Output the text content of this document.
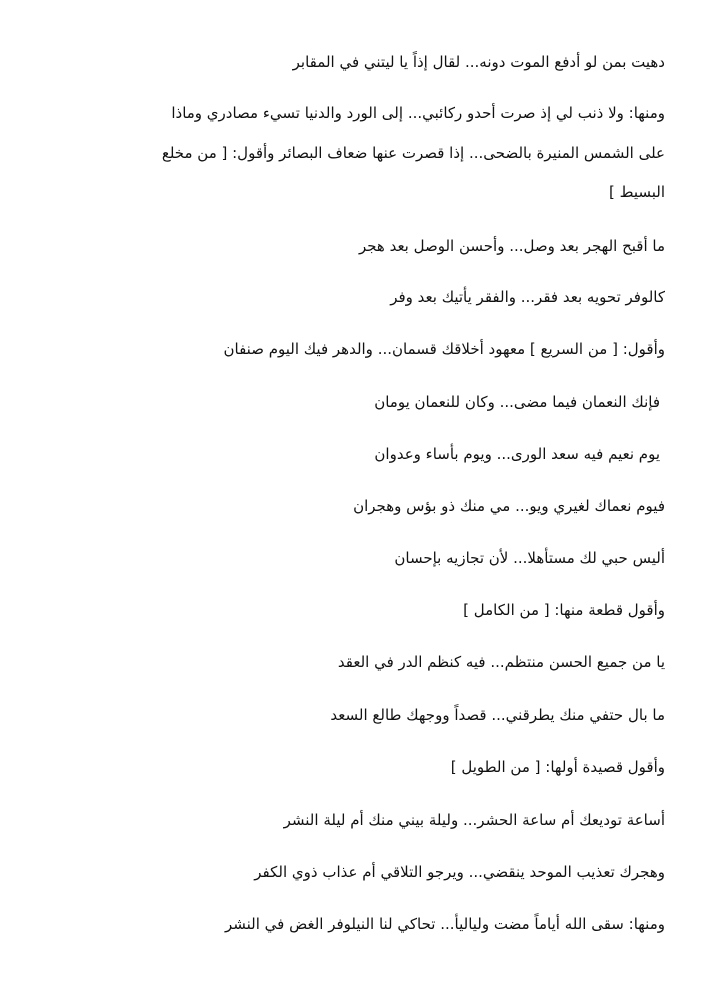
دهيت بمن لو أدفع الموت دونه... لقال إذاً يا ليتني في المقابر
ومنها: ولا ذنب لي إذ صرت أحدو ركائبي... إلى الورد والدنيا تسيء مصادري وماذا
على الشمس المنيرة بالضحى... إذا قصرت عنها ضعاف البصائر وأقول: [ من مخلع
البسيط ]
ما أقبح الهجر بعد وصل... وأحسن الوصل بعد هجر
كالوفر تحويه بعد فقر... والفقر يأتيك بعد وفر
وأقول: [ من السريع ] معهود أخلاقك قسمان... والدهر فيك اليوم صنفان
فإنك النعمان فيما مضى... وكان للنعمان يومان
يوم نعيم فيه سعد الورى... ويوم بأساء وعدوان
فيوم نعماك لغيري ويو... مي منك ذو بؤس وهجران
أليس حبي لك مستأهلا... لأن تجازيه بإحسان
وأقول قطعة منها: [ من الكامل ]
يا من جميع الحسن منتظم... فيه كنظم الدر في العقد
ما بال حتفي منك يطرقني... قصداً ووجهك طالع السعد
وأقول قصيدة أولها: [ من الطويل ]
أساعة توديعك أم ساعة الحشر... وليلة بيني منك أم ليلة النشر
وهجرك تعذيب الموحد ينقضي... ويرجو التلاقي أم عذاب ذوي الكفر
ومنها: سقى الله أياماً مضت ولياليأً... تحاكي لنا النيلوفر الغض في النشر
